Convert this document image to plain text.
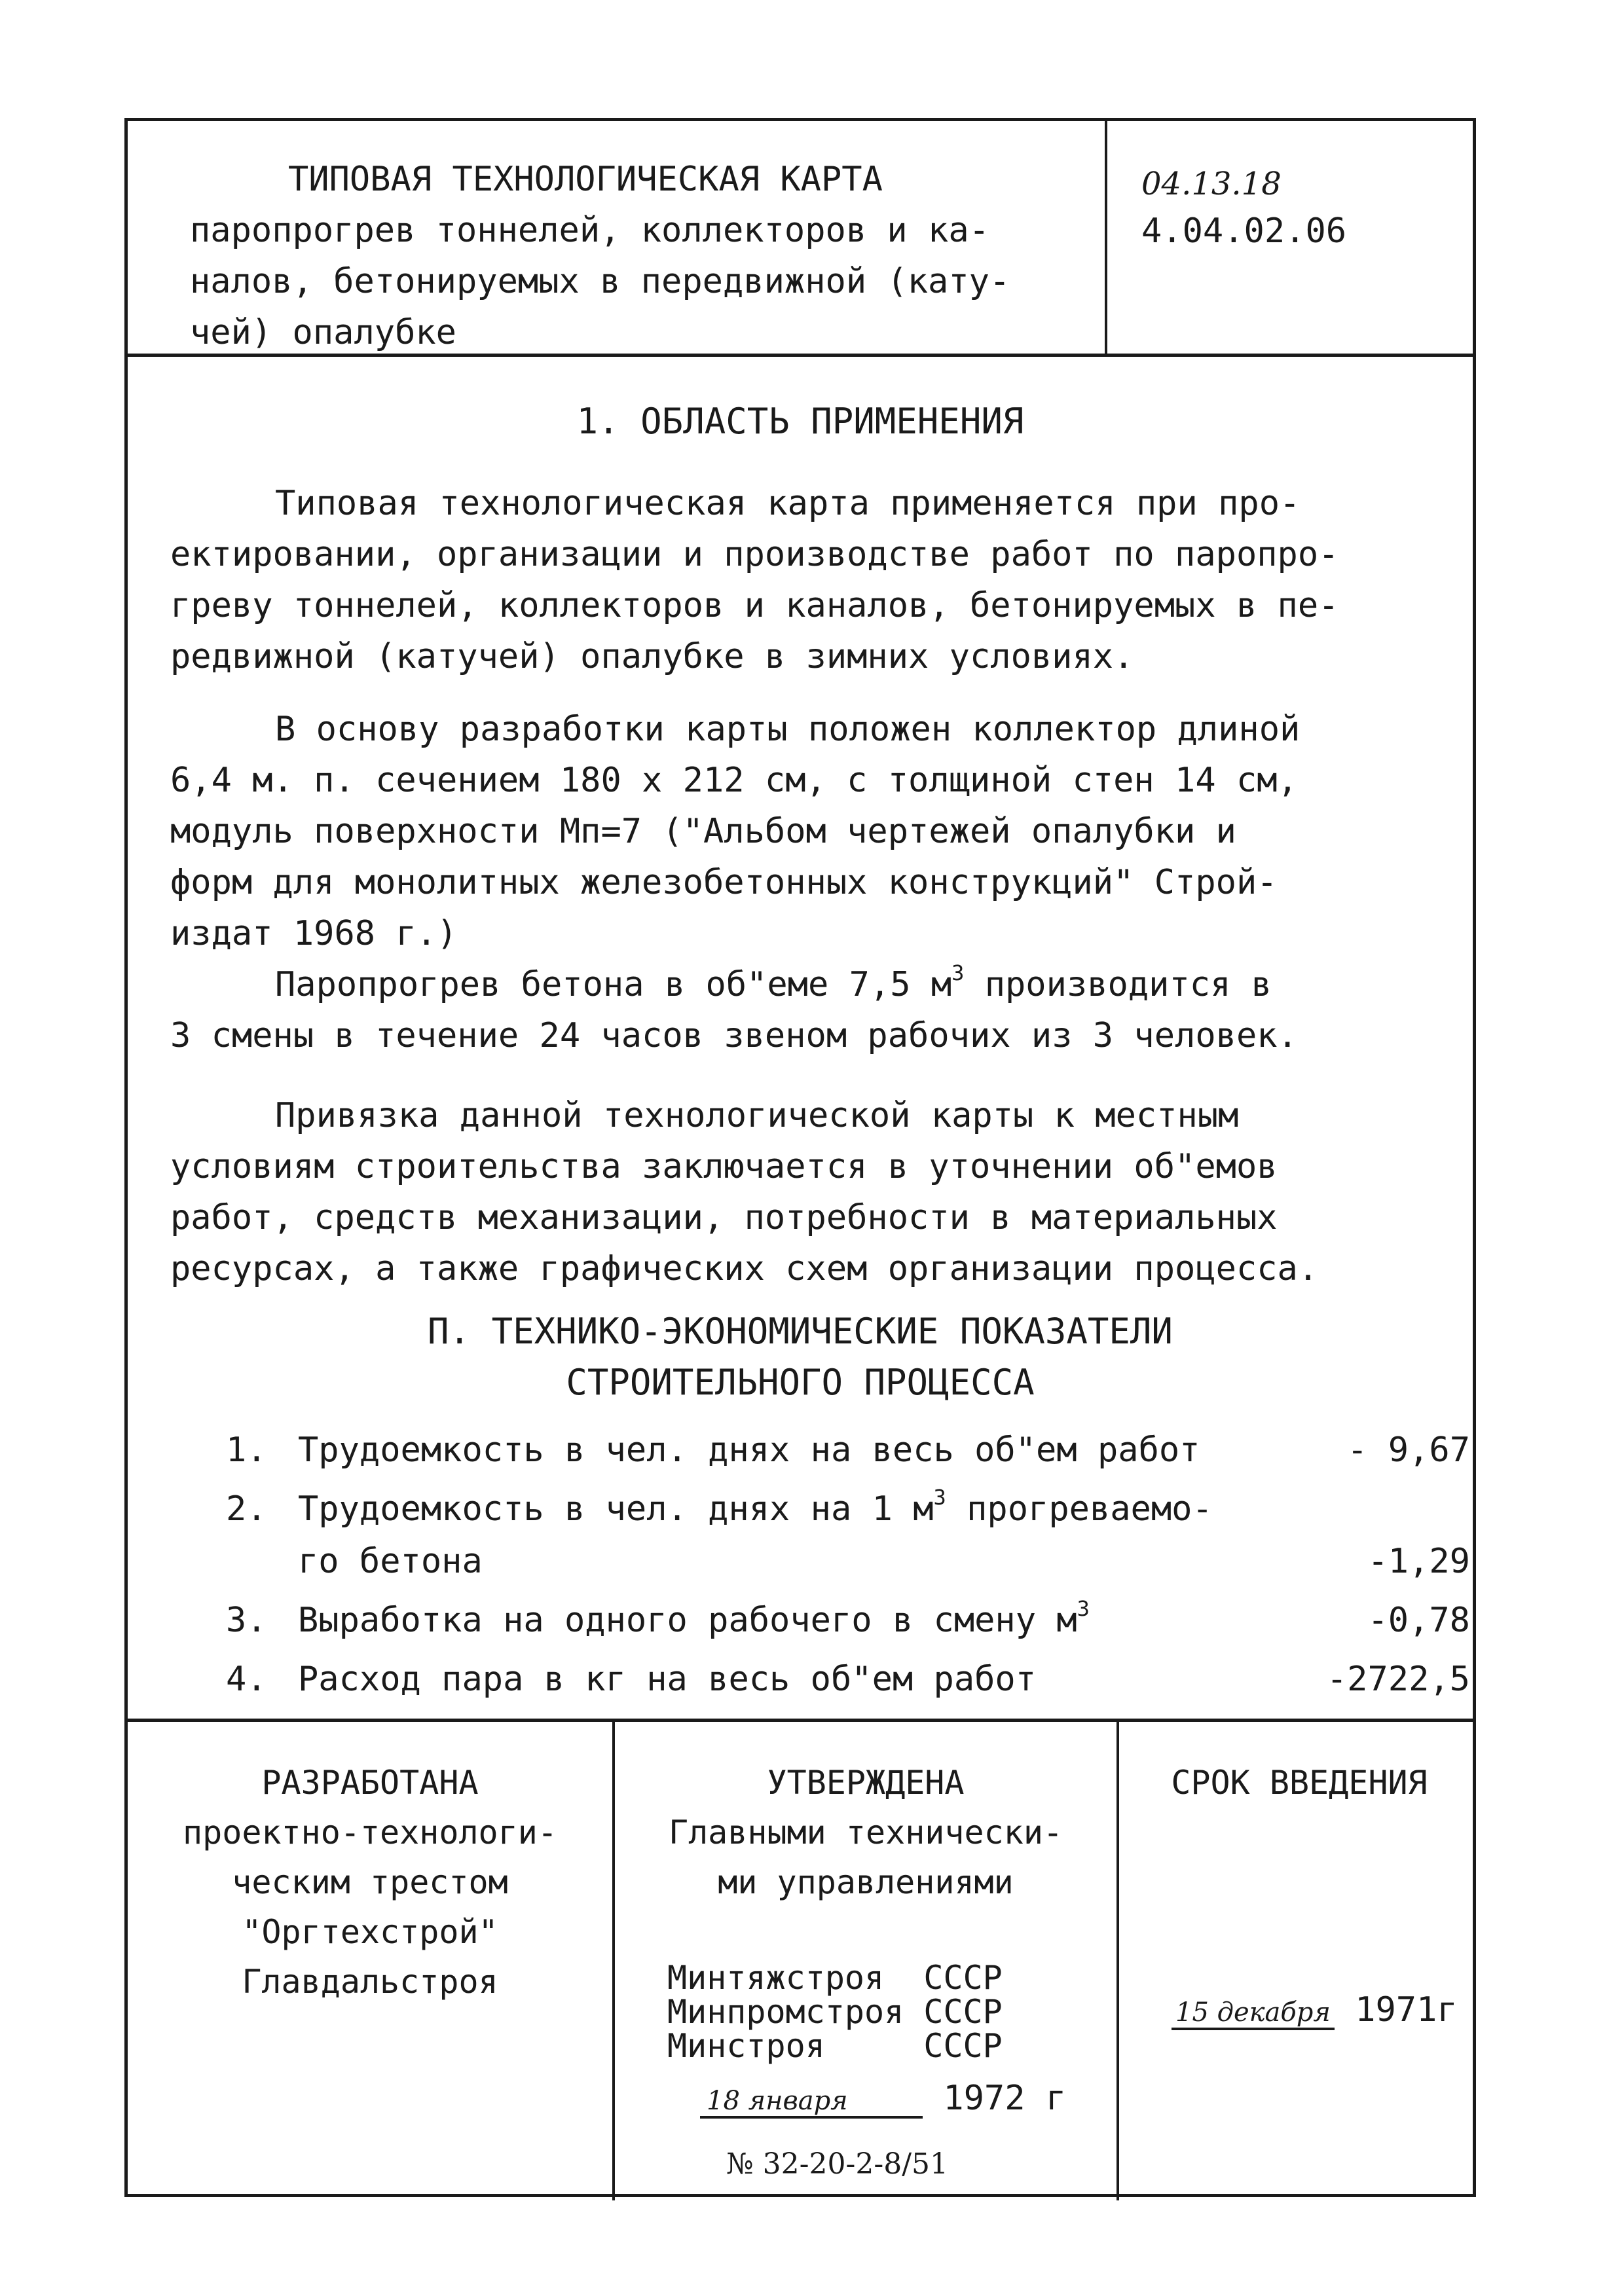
ТИПОВАЯ ТЕХНОЛОГИЧЕСКАЯ КАРТА
паропрогрев тоннелей, коллекторов и ка-
налов, бетонируемых в передвижной (кату-
чей) опалубке
04.13.18
4.04.02.06
1. ОБЛАСТЬ ПРИМЕНЕНИЯ
Типовая технологическая карта применяется при про-
ектировании, организации и производстве работ по паропро-
греву тоннелей, коллекторов и каналов, бетонируемых в пе-
редвижной (катучей) опалубке в зимних условиях.
В основу разработки карты положен коллектор длиной
6,4 м. п. сечением 180 х 212 см, с толщиной стен 14 см,
модуль поверхности Мп=7 ("Альбом чертежей опалубки и
форм для монолитных железобетонных конструкций" Строй-
издат 1968 г.)
Паропрогрев бетона в об"еме 7,5 $м^3$ производится в
3 смены в течение 24 часов звеном рабочих из 3 человек.
Привязка данной технологической карты к местным
условиям строительства заключается в уточнении об"емов
работ, средств механизации, потребности в материальных
ресурсах, а также графических схем организации процесса.
П. ТЕХНИКО-ЭКОНОМИЧЕСКИЕ ПОКАЗАТЕЛИ
СТРОИТЕЛЬНОГО ПРОЦЕССА
1. Трудоемкость в чел. днях на весь об"ем работ	- 9,67
2. Трудоемкость в чел. днях на 1 $м^3$ прогреваемо-
го бетона	-1,29
3. Выработка на одного рабочего в смену $м^3$	-0,78
4. Расход пара в кг на весь об"ем работ	-2722,5
РАЗРАБОТАНА
проектно-технологи-
ческим трестом
"Оргтехстрой"
Главдальстроя
УТВЕРЖДЕНА
Главными технически-
ми управлениями
Минтяжстроя СССР
Минпромстроя СССР
Минстроя	СССР
18 января	1972 г
№ 32-20-2-8/51
СРОК ВВЕДЕНИЯ
15 декабря 1971г
